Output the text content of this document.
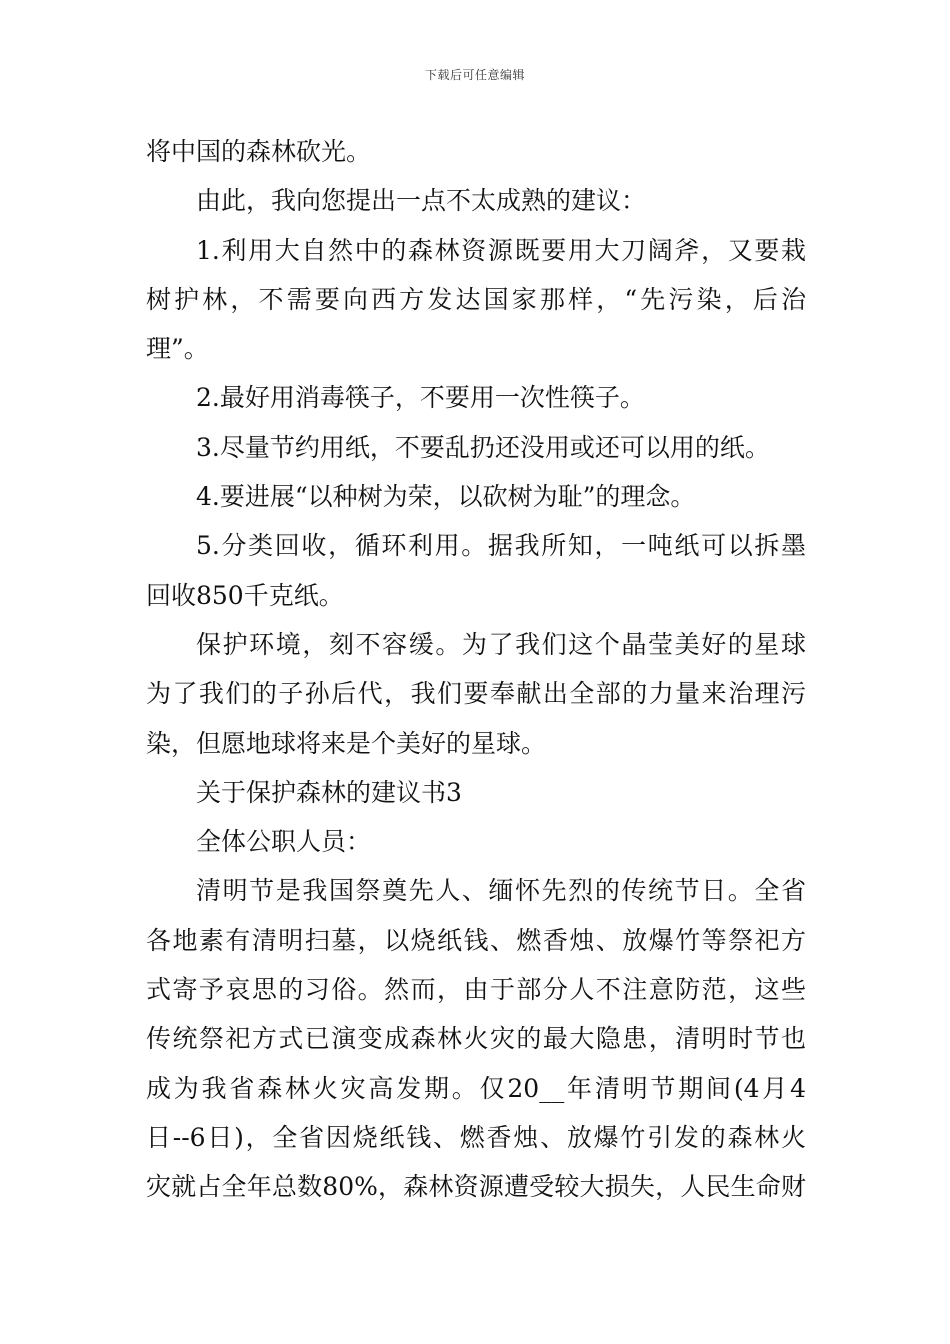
下载后可任意编辑
将中国的森林砍光。
由此，我向您提出一点不太成熟的建议：
1.利用大自然中的森林资源既要用大刀阔斧，又要栽
树护林，不需要向西方发达国家那样，“先污染，后治
理”。
2.最好用消毒筷子，不要用一次性筷子。
3.尽量节约用纸，不要乱扔还没用或还可以用的纸。
4.要进展“以种树为荣，以砍树为耻”的理念。
5.分类回收，循环利用。据我所知，一吨纸可以拆墨
回收850千克纸。
保护环境，刻不容缓。为了我们这个晶莹美好的星球
为了我们的子孙后代，我们要奉献出全部的力量来治理污
染，但愿地球将来是个美好的星球。
关于保护森林的建议书3
全体公职人员：
清明节是我国祭奠先人、缅怀先烈的传统节日。全省
各地素有清明扫墓，以烧纸钱、燃香烛、放爆竹等祭祀方
式寄予哀思的习俗。然而，由于部分人不注意防范，这些
传统祭祀方式已演变成森林火灾的最大隐患，清明时节也
成为我省森林火灾高发期。仅20__年清明节期间(4月4
日--6日)，全省因烧纸钱、燃香烛、放爆竹引发的森林火
灾就占全年总数80%，森林资源遭受较大损失，人民生命财
